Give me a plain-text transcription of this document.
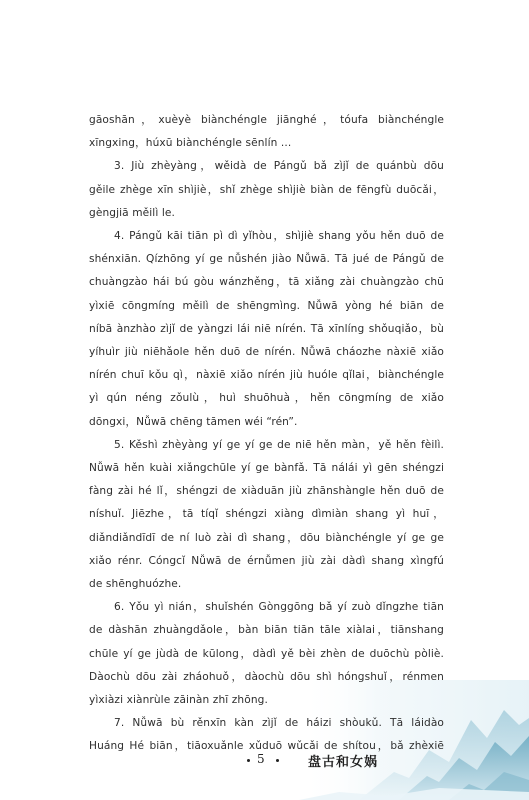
gāoshān，xuèyè biànchéngle jiānghé，tóufa biànchéngle
xīngxing，húxū biànchéngle sēnlín ...
3. Jiù zhèyàng，wěidà de Pángǔ bǎ zìjǐ de quánbù dōu
gěile zhège xīn shìjiè，shǐ zhège shìjiè biàn de fēngfù duōcǎi，
gèngjiā měilì le.
4. Pángǔ kāi tiān pì dì yǐhòu，shìjiè shang yǒu hěn duō de
shénxiān. Qízhōng yí ge nǚshén jiào Nǚwā. Tā jué de Pángǔ de
chuàngzào hái bú gòu wánzhěng，tā xiǎng zài chuàngzào chū
yìxiē cōngmíng měilì de shēngmìng. Nǚwā yòng hé biān de
níbā ànzhào zìjǐ de yàngzi lái niē nírén. Tā xīnlíng shǒuqiǎo，bù
yíhuìr jiù niēhǎole hěn duō de nírén. Nǚwā cháozhe nàxiē xiǎo
nírén chuī kǒu qì，nàxiē xiǎo nírén jiù huóle qǐlai，biànchéngle
yì qún néng zǒulù，huì shuōhuà，hěn cōngmíng de xiǎo
dōngxi，Nǚwā chēng tāmen wéi “rén”.
5. Kěshì zhèyàng yí ge yí ge de niē hěn màn，yě hěn fèilì.
Nǚwā hěn kuài xiǎngchūle yí ge bànfǎ. Tā nálái yì gēn shéngzi
fàng zài hé lǐ，shéngzi de xiàduān jiù zhānshàngle hěn duō de
níshuǐ. Jiēzhe，tā tíqǐ shéngzi xiàng dìmiàn shang yì huī，
diǎndiǎndīdī de ní luò zài dì shang，dōu biànchéngle yí ge ge
xiǎo rénr. Cóngcǐ Nǚwā de érnǚmen jiù zài dàdì shang xìngfú
de shēnghuózhe.
6. Yǒu yì nián，shuǐshén Gònggōng bǎ yí zuò dǐngzhe tiān
de dàshān zhuàngdǎole，bàn biān tiān tāle xiàlai，tiānshang
chūle yí ge jùdà de kūlong，dàdì yě bèi zhèn de duōchù pòliè.
Dàochù dōu zài zháohuǒ，dàochù dōu shì hóngshuǐ，rénmen
yìxiàzi xiànrùle zāinàn zhī zhōng.
7. Nǚwā bù rěnxīn kàn zìjǐ de háizi shòukǔ. Tā láidào
Huáng Hé biān，tiāoxuǎnle xǔduō wǔcǎi de shítou，bǎ zhèxiē

5	盘古和女娲
